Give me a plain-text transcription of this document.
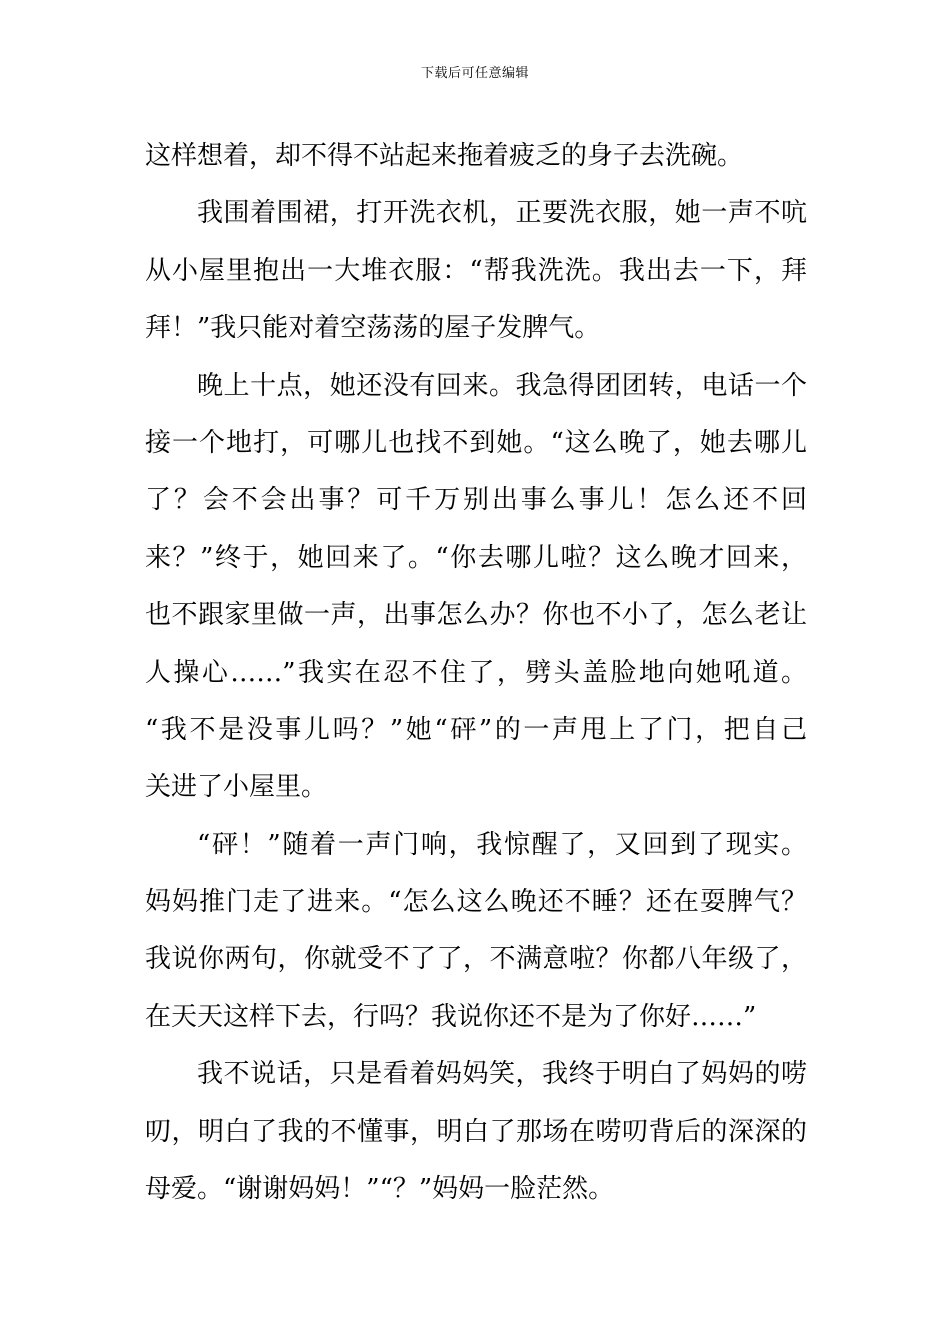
下载后可任意编辑
这样想着，却不得不站起来拖着疲乏的身子去洗碗。
我围着围裙，打开洗衣机，正要洗衣服，她一声不吭
从小屋里抱出一大堆衣服：“帮我洗洗。我出去一下，拜
拜！”我只能对着空荡荡的屋子发脾气。
晚上十点，她还没有回来。我急得团团转，电话一个
接一个地打，可哪儿也找不到她。“这么晚了，她去哪儿
了？会不会出事？可千万别出事么事儿！怎么还不回
来？”终于，她回来了。“你去哪儿啦？这么晚才回来，
也不跟家里做一声，出事怎么办？你也不小了，怎么老让
人操心……”我实在忍不住了，劈头盖脸地向她吼道。
“我不是没事儿吗？”她“砰”的一声甩上了门，把自己
关进了小屋里。
“砰！”随着一声门响，我惊醒了，又回到了现实。
妈妈推门走了进来。“怎么这么晚还不睡？还在耍脾气？
我说你两句，你就受不了了，不满意啦？你都八年级了，
在天天这样下去，行吗？我说你还不是为了你好……”
我不说话，只是看着妈妈笑，我终于明白了妈妈的唠
叨，明白了我的不懂事，明白了那场在唠叨背后的深深的
母爱。“谢谢妈妈！”“？”妈妈一脸茫然。
